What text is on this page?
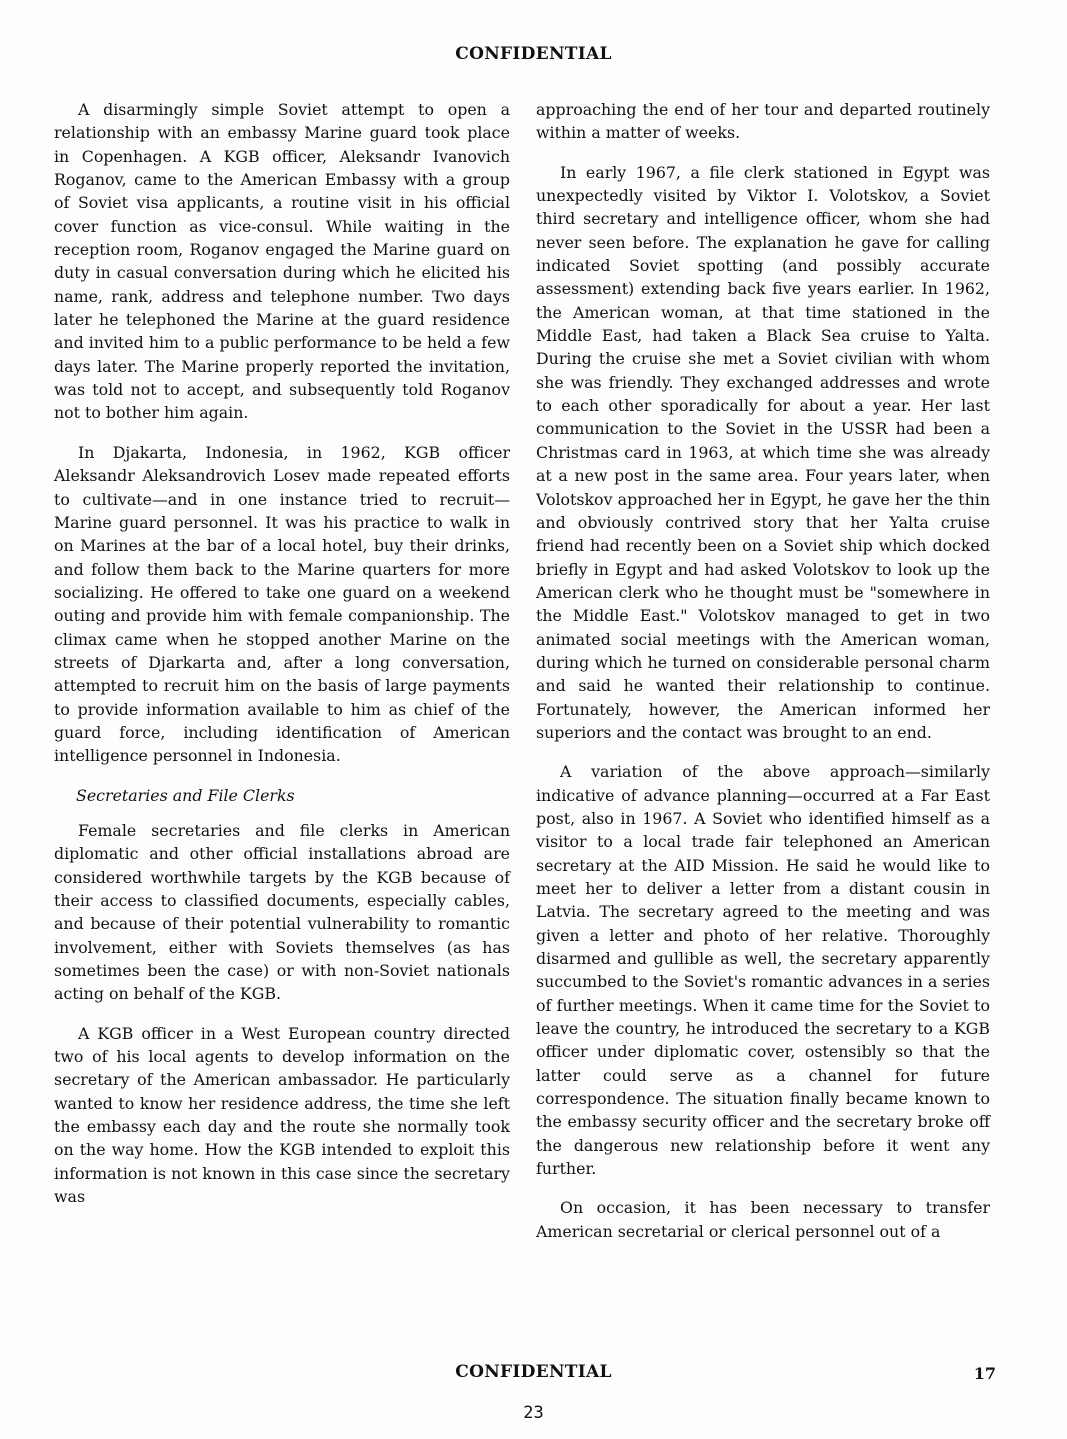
CONFIDENTIAL

A disarmingly simple Soviet attempt to open a relationship with an embassy Marine guard took place in Copenhagen. A KGB officer, Aleksandr Ivanovich Roganov, came to the American Embassy with a group of Soviet visa applicants, a routine visit in his official cover function as vice-consul. While waiting in the reception room, Roganov engaged the Marine guard on duty in casual conversation during which he elicited his name, rank, address and telephone number. Two days later he telephoned the Marine at the guard residence and invited him to a public performance to be held a few days later. The Marine properly reported the invitation, was told not to accept, and subsequently told Roganov not to bother him again.

In Djakarta, Indonesia, in 1962, KGB officer Aleksandr Aleksandrovich Losev made repeated efforts to cultivate—and in one instance tried to recruit—Marine guard personnel. It was his practice to walk in on Marines at the bar of a local hotel, buy their drinks, and follow them back to the Marine quarters for more socializing. He offered to take one guard on a weekend outing and provide him with female companionship. The climax came when he stopped another Marine on the streets of Djarkarta and, after a long conversation, attempted to recruit him on the basis of large payments to provide information available to him as chief of the guard force, including identification of American intelligence personnel in Indonesia.

Secretaries and File Clerks

Female secretaries and file clerks in American diplomatic and other official installations abroad are considered worthwhile targets by the KGB because of their access to classified documents, especially cables, and because of their potential vulnerability to romantic involvement, either with Soviets themselves (as has sometimes been the case) or with non-Soviet nationals acting on behalf of the KGB.

A KGB officer in a West European country directed two of his local agents to develop information on the secretary of the American ambassador. He particularly wanted to know her residence address, the time she left the embassy each day and the route she normally took on the way home. How the KGB intended to exploit this information is not known in this case since the secretary was

approaching the end of her tour and departed routinely within a matter of weeks.

In early 1967, a file clerk stationed in Egypt was unexpectedly visited by Viktor I. Volotskov, a Soviet third secretary and intelligence officer, whom she had never seen before. The explanation he gave for calling indicated Soviet spotting (and possibly accurate assessment) extending back five years earlier. In 1962, the American woman, at that time stationed in the Middle East, had taken a Black Sea cruise to Yalta. During the cruise she met a Soviet civilian with whom she was friendly. They exchanged addresses and wrote to each other sporadically for about a year. Her last communication to the Soviet in the USSR had been a Christmas card in 1963, at which time she was already at a new post in the same area. Four years later, when Volotskov approached her in Egypt, he gave her the thin and obviously contrived story that her Yalta cruise friend had recently been on a Soviet ship which docked briefly in Egypt and had asked Volotskov to look up the American clerk who he thought must be "somewhere in the Middle East." Volotskov managed to get in two animated social meetings with the American woman, during which he turned on considerable personal charm and said he wanted their relationship to continue. Fortunately, however, the American informed her superiors and the contact was brought to an end.

A variation of the above approach—similarly indicative of advance planning—occurred at a Far East post, also in 1967. A Soviet who identified himself as a visitor to a local trade fair telephoned an American secretary at the AID Mission. He said he would like to meet her to deliver a letter from a distant cousin in Latvia. The secretary agreed to the meeting and was given a letter and photo of her relative. Thoroughly disarmed and gullible as well, the secretary apparently succumbed to the Soviet's romantic advances in a series of further meetings. When it came time for the Soviet to leave the country, he introduced the secretary to a KGB officer under diplomatic cover, ostensibly so that the latter could serve as a channel for future correspondence. The situation finally became known to the embassy security officer and the secretary broke off the dangerous new relationship before it went any further.

On occasion, it has been necessary to transfer American secretarial or clerical personnel out of a

CONFIDENTIAL	17
23
